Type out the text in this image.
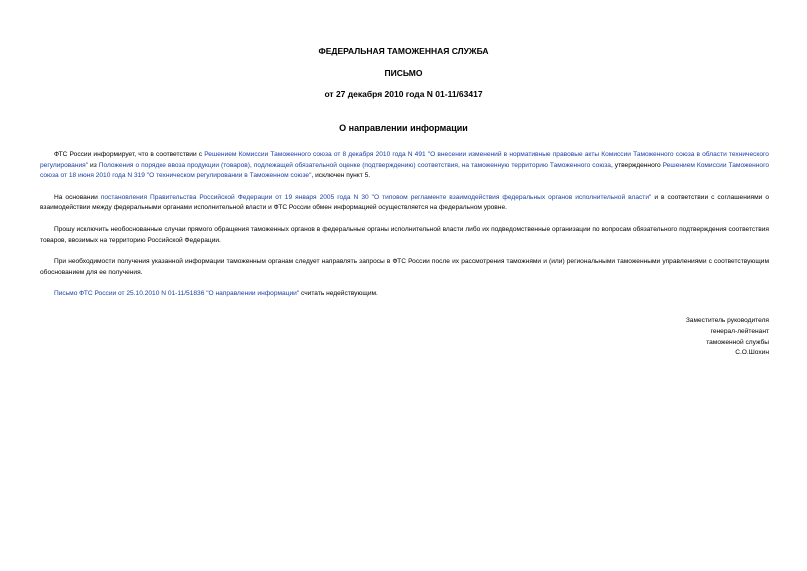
ФЕДЕРАЛЬНАЯ ТАМОЖЕННАЯ СЛУЖБА
ПИСЬМО
от 27 декабря 2010 года N 01-11/63417
О направлении информации

ФТС России информирует, что в соответствии с Решением Комиссии Таможенного союза от 8 декабря 2010 года N 491 "О внесении изменений в нормативные правовые акты Комиссии Таможенного союза в области технического регулирования" из Положения о порядке ввоза продукции (товаров), подлежащей обязательной оценке (подтверждению) соответствия, на таможенную территорию Таможенного союза, утвержденного Решением Комиссии Таможенного союза от 18 июня 2010 года N 319 "О техническом регулировании в Таможенном союзе", исключен пункт 5.

На основании постановления Правительства Российской Федерации от 19 января 2005 года N 30 "О типовом регламенте взаимодействия федеральных органов исполнительной власти" и в соответствии с соглашениями о взаимодействии между федеральными органами исполнительной власти и ФТС России обмен информацией осуществляется на федеральном уровне.

Прошу исключить необоснованные случаи прямого обращения таможенных органов в федеральные органы исполнительной власти либо их подведомственные организации по вопросам обязательного подтверждения соответствия товаров, ввозимых на территорию Российской Федерации.

При необходимости получения указанной информации таможенным органам следует направлять запросы в ФТС России после их рассмотрения таможнями и (или) региональными таможенными управлениями с соответствующим обоснованием для ее получения.

Письмо ФТС России от 25.10.2010 N 01-11/51836 "О направлении информации" считать недействующим.

Заместитель руководителя
генерал-лейтенант
таможенной службы
С.О.Шохин
